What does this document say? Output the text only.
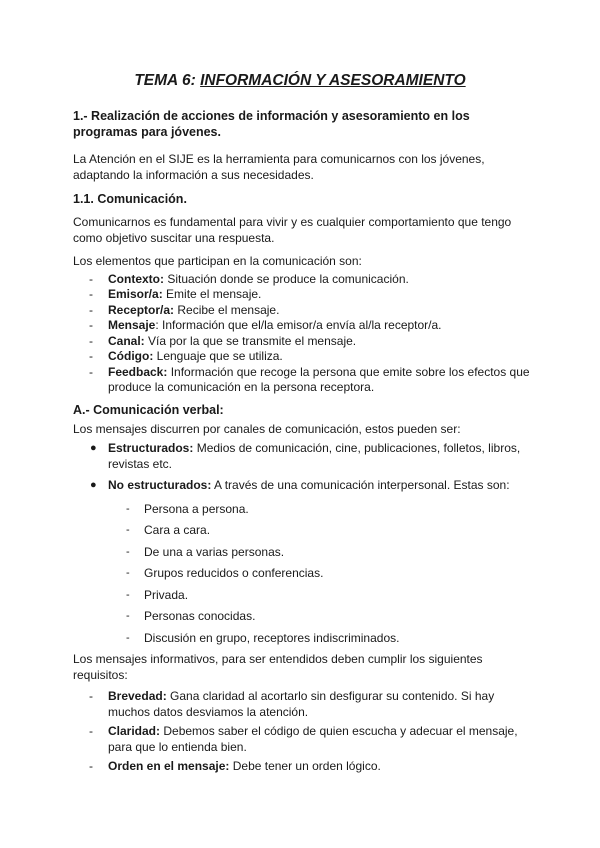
TEMA 6: INFORMACIÓN Y ASESORAMIENTO
1.- Realización de acciones de información y asesoramiento en los programas para jóvenes.

La Atención en el SIJE es la herramienta para comunicarnos con los jóvenes, adaptando la información a sus necesidades.

1.1. Comunicación.

Comunicarnos es fundamental para vivir y es cualquier comportamiento que tengo como objetivo suscitar una respuesta.

Los elementos que participan en la comunicación son:

- Contexto: Situación donde se produce la comunicación.
- Emisor/a: Emite el mensaje.
- Receptor/a: Recibe el mensaje.
- Mensaje: Información que el/la emisor/a envía al/la receptor/a.
- Canal: Vía por la que se transmite el mensaje.
- Código: Lenguaje que se utiliza.
- Feedback: Información que recoge la persona que emite sobre los efectos que produce la comunicación en la persona receptora.
A.- Comunicación verbal:

Los mensajes discurren por canales de comunicación, estos pueden ser:

● Estructurados: Medios de comunicación, cine, publicaciones, folletos, libros, revistas etc.
● No estructurados: A través de una comunicación interpersonal. Estas son:
- Persona a persona.
- Cara a cara.
- De una a varias personas.
- Grupos reducidos o conferencias.
- Privada.
- Personas conocidas.
- Discusión en grupo, receptores indiscriminados.

Los mensajes informativos, para ser entendidos deben cumplir los siguientes requisitos:

- Brevedad: Gana claridad al acortarlo sin desfigurar su contenido. Si hay muchos datos desviamos la atención.
- Claridad: Debemos saber el código de quien escucha y adecuar el mensaje, para que lo entienda bien.
- Orden en el mensaje: Debe tener un orden lógico.
